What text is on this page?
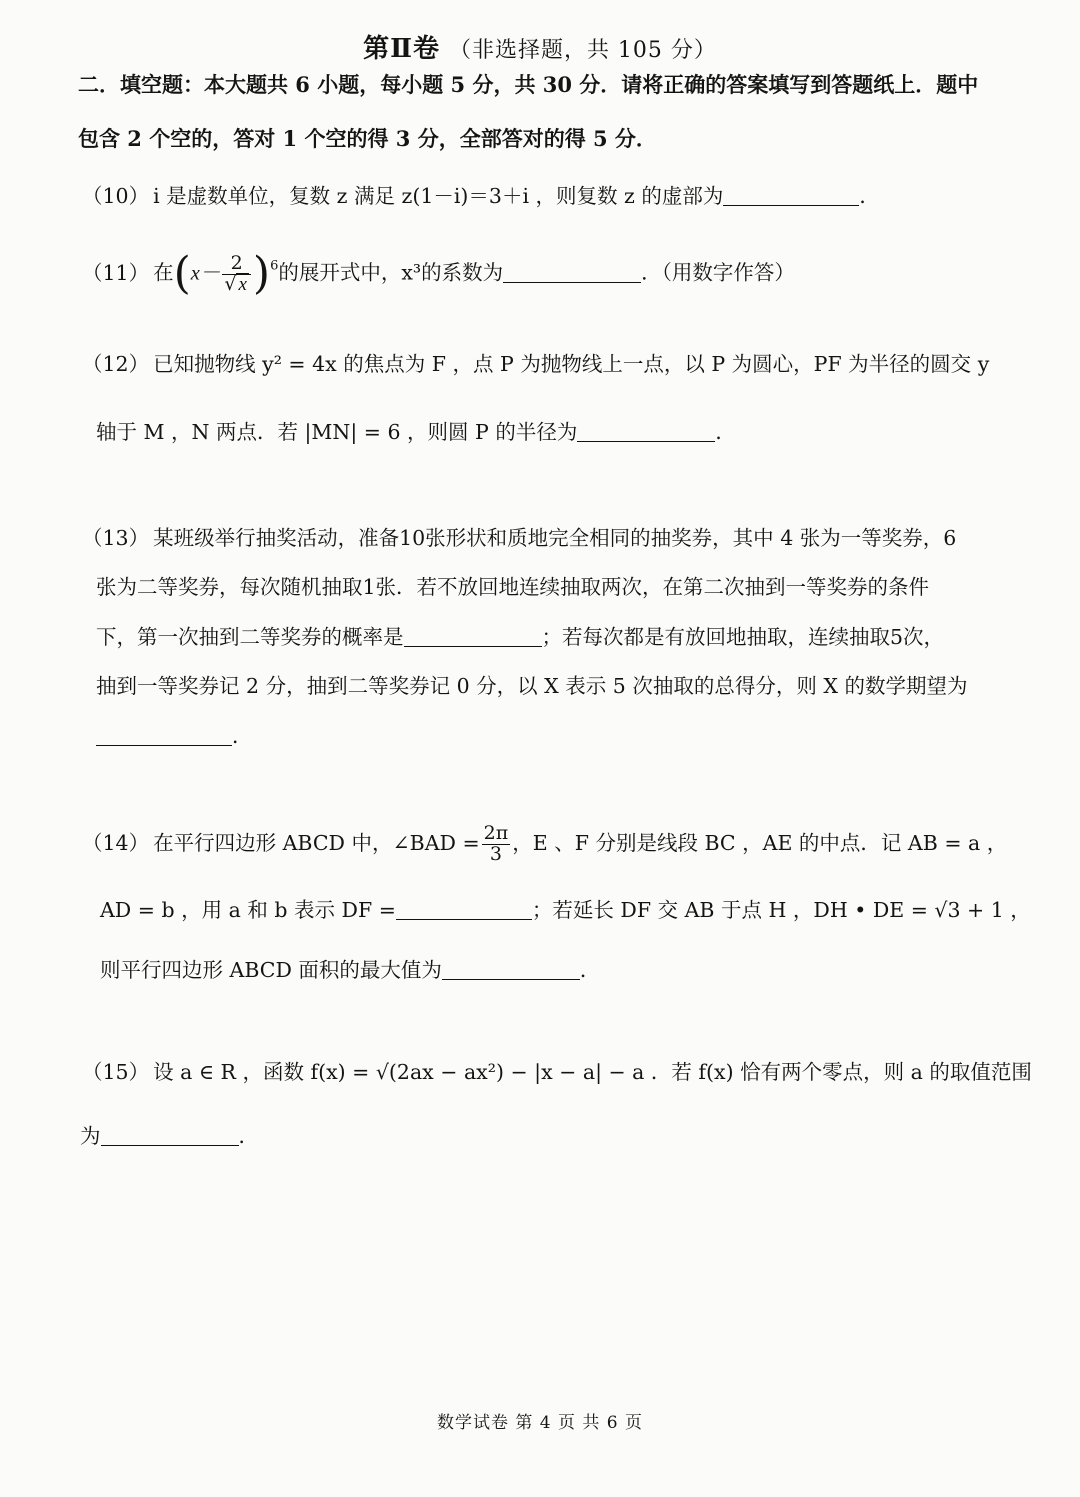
第Ⅱ卷 （非选择题，共 105 分）
二．填空题：本大题共 6 小题，每小题 5 分，共 30 分．请将正确的答案填写到答题纸上．题中
包含 2 个空的，答对 1 个空的得 3 分，全部答对的得 5 分．
（10） i 是虚数单位，复数 z 满足 z(1－i)＝3＋i ，则复数 z 的虚部为	．
（11） 在$(x- \frac{2}{√ x} )^6$的展开式中，x³的系数为	．（用数字作答）
（12） 已知抛物线 y² = 4x 的焦点为 F ，点 P 为抛物线上一点，以 P 为圆心，PF 为半径的圆交 y
轴于 M ，N 两点．若 |MN| = 6 ，则圆 P 的半径为	．
（13） 某班级举行抽奖活动，准备10张形状和质地完全相同的抽奖券，其中 4 张为一等奖券，6
张为二等奖券，每次随机抽取1张．若不放回地连续抽取两次，在第二次抽到一等奖券的条件
下，第一次抽到二等奖券的概率是	；若每次都是有放回地抽取，连续抽取5次，
抽到一等奖券记 2 分，抽到二等奖券记 0 分，以 X 表示 5 次抽取的总得分，则 X 的数学期望为
．
（14） 在平行四边形 ABCD 中，∠BAD = $\frac{2\pi}{3}$ ，E 、F 分别是线段 BC ，AE 的中点．记 AB = a ，
AD = b ，用 a 和 b 表示 DF =	；若延长 DF 交 AB 于点 H ，DH • DE = √3 + 1 ，
则平行四边形 ABCD 面积的最大值为	．
（15） 设 a ∈ R ，函数 f(x) = √(2ax − ax²) − |x − a| − a ．若 f(x) 恰有两个零点，则 a 的取值范围
为	．
数学试卷 第 4 页 共 6 页
